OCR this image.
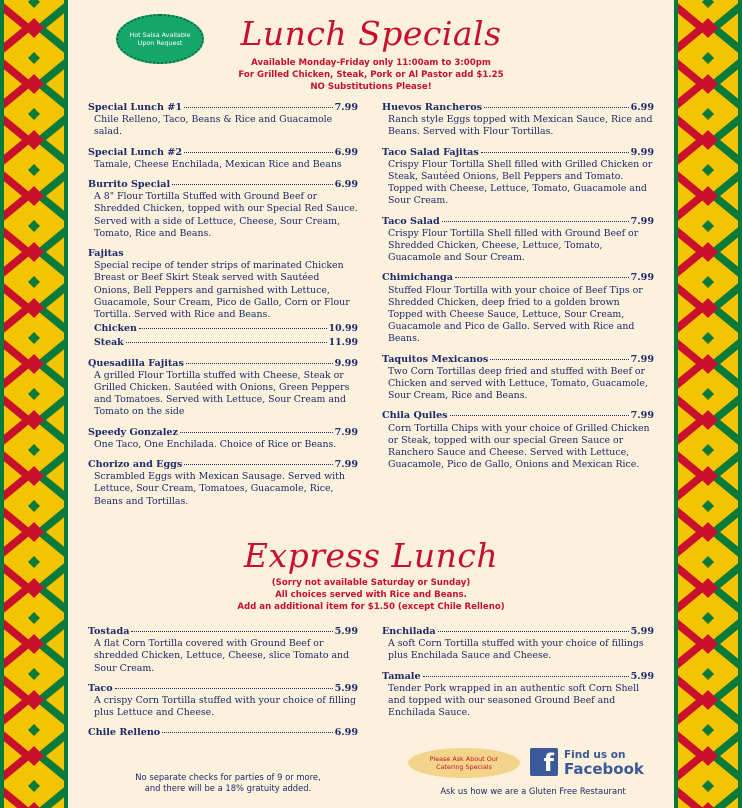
Hot Salsa Available Upon Request	Lunch Specials
Available Monday-Friday only 11:00am to 3:00pm
For Grilled Chicken, Steak, Pork or Al Pastor add $1.25
NO Substitutions Please!
Special Lunch #1	7.99
Chile Relleno, Taco, Beans & Rice and Guacamole salad.
Special Lunch #2	6.99
Tamale, Cheese Enchilada, Mexican Rice and Beans
Burrito Special	6.99
A 8" Flour Tortilla Stuffed with Ground Beef or Shredded Chicken, topped with our Special Red Sauce. Served with a side of Lettuce, Cheese, Sour Cream, Tomato, Rice and Beans.
Fajitas
Special recipe of tender strips of marinated Chicken Breast or Beef Skirt Steak served with Sautéed Onions, Bell Peppers and garnished with Lettuce, Guacamole, Sour Cream, Pico de Gallo, Corn or Flour Tortilla. Served with Rice and Beans.
Chicken	10.99
Steak	11.99
Quesadilla Fajitas	9.99
A grilled Flour Tortilla stuffed with Cheese, Steak or Grilled Chicken. Sautéed with Onions, Green Peppers and Tomatoes. Served with Lettuce, Sour Cream and Tomato on the side
Speedy Gonzalez	7.99
One Taco, One Enchilada. Choice of Rice or Beans.
Chorizo and Eggs	7.99
Scrambled Eggs with Mexican Sausage. Served with Lettuce, Sour Cream, Tomatoes, Guacamole, Rice, Beans and Tortillas.
Huevos Rancheros	6.99
Ranch style Eggs topped with Mexican Sauce, Rice and Beans. Served with Flour Tortillas.
Taco Salad Fajitas	9.99
Crispy Flour Tortilla Shell filled with Grilled Chicken or Steak, Sautéed Onions, Bell Peppers and Tomato. Topped with Cheese, Lettuce, Tomato, Guacamole and Sour Cream.
Taco Salad	7.99
Crispy Flour Tortilla Shell filled with Ground Beef or Shredded Chicken, Cheese, Lettuce, Tomato, Guacamole and Sour Cream.
Chimichanga	7.99
Stuffed Flour Tortilla with your choice of Beef Tips or Shredded Chicken, deep fried to a golden brown Topped with Cheese Sauce, Lettuce, Sour Cream, Guacamole and Pico de Gallo. Served with Rice and Beans.
Taquitos Mexicanos	7.99
Two Corn Tortillas deep fried and stuffed with Beef or Chicken and served with Lettuce, Tomato, Guacamole, Sour Cream, Rice and Beans.
Chila Quiles	7.99
Corn Tortilla Chips with your choice of Grilled Chicken or Steak, topped with our special Green Sauce or Ranchero Sauce and Cheese. Served with Lettuce, Guacamole, Pico de Gallo, Onions and Mexican Rice.
Express Lunch
(Sorry not available Saturday or Sunday)
All choices served with Rice and Beans.
Add an additional item for $1.50 (except Chile Relleno)
Tostada	5.99
A flat Corn Tortilla covered with Ground Beef or shredded Chicken, Lettuce, Cheese, slice Tomato and Sour Cream.
Taco	5.99
A crispy Corn Tortilla stuffed with your choice of filling plus Lettuce and Cheese.
Chile Relleno	6.99
Enchilada	5.99
A soft Corn Tortilla stuffed with your choice of fillings plus Enchilada Sauce and Cheese.
Tamale	5.99
Tender Pork wrapped in an authentic soft Corn Shell and topped with our seasoned Ground Beef and Enchilada Sauce.
No separate checks for parties of 9 or more,
and there will be a 18% gratuity added.
Please Ask About Our Catering Specials	f Find us on
Facebook
Ask us how we are a Gluten Free Restaurant
